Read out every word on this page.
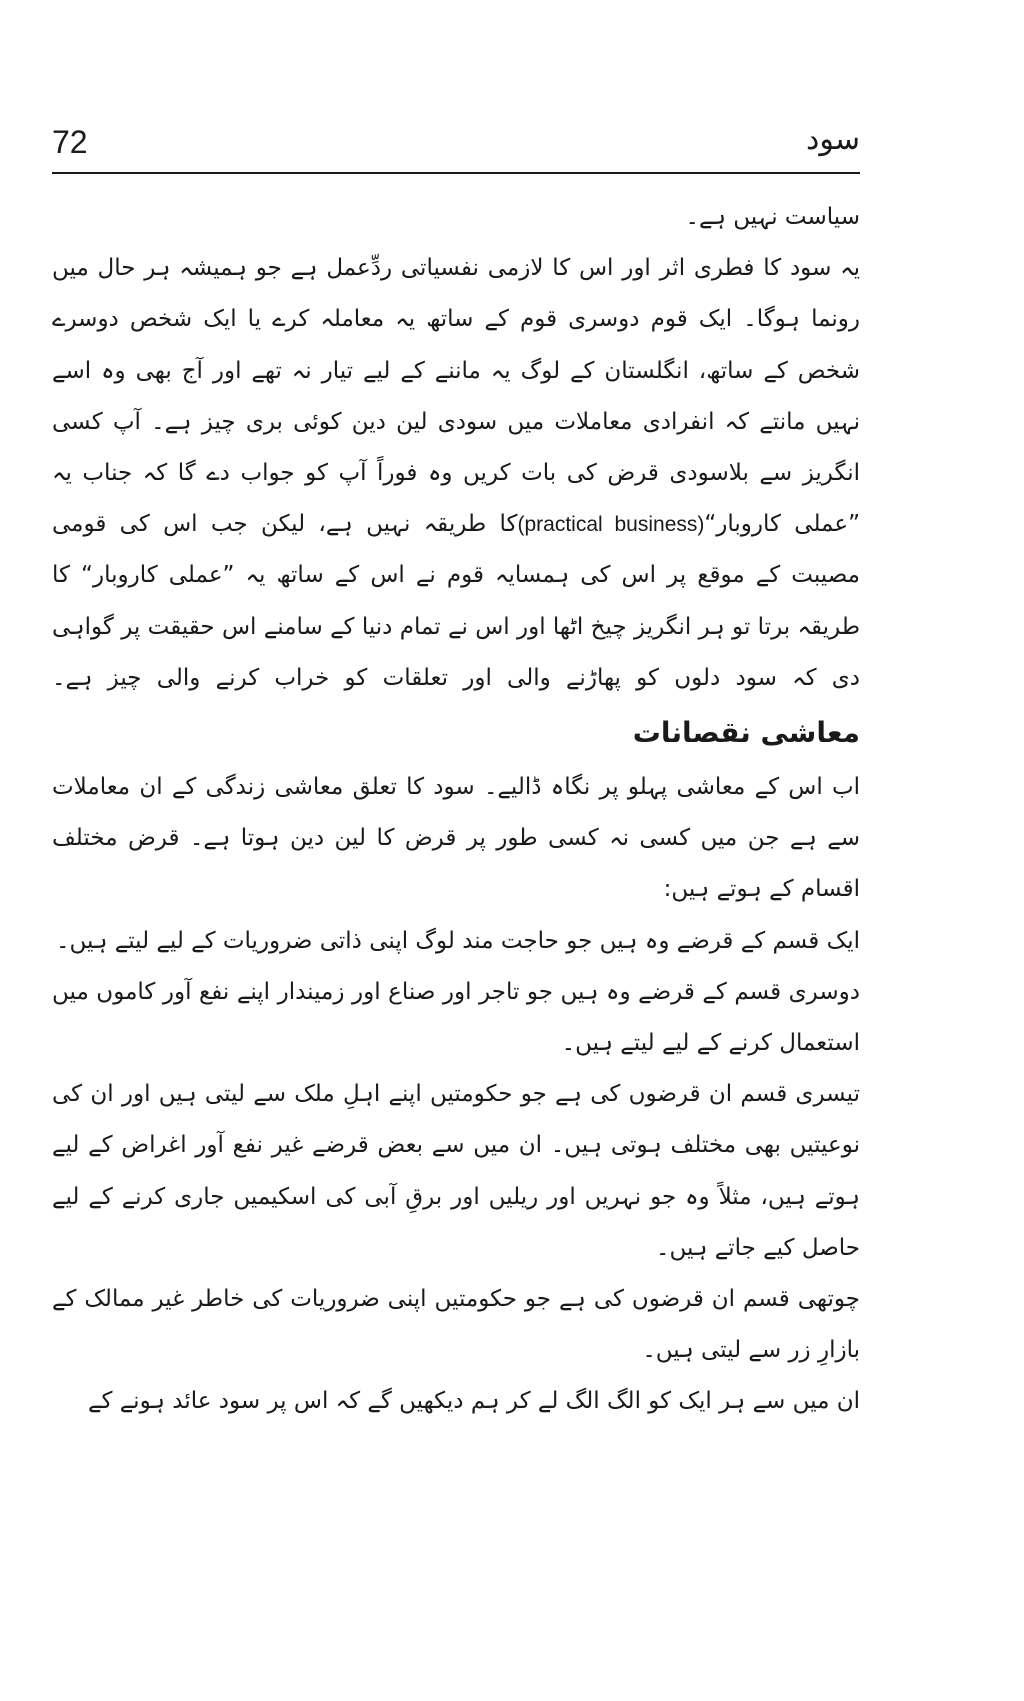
72	سود

سیاست نہیں ہے۔

یہ سود کا فطری اثر اور اس کا لازمی نفسیاتی ردِّعمل ہے جو ہمیشہ ہر حال میں رونما ہوگا۔ ایک قوم دوسری قوم کے ساتھ یہ معاملہ کرے یا ایک شخص دوسرے شخص کے ساتھ، انگلستان کے لوگ یہ ماننے کے لیے تیار نہ تھے اور آج بھی وہ اسے نہیں مانتے کہ انفرادی معاملات میں سودی لین دین کوئی بری چیز ہے۔ آپ کسی انگریز سے بلاسودی قرض کی بات کریں وہ فوراً آپ کو جواب دے گا کہ جناب یہ ”عملی کاروبار“(practical business)کا طریقہ نہیں ہے، لیکن جب اس کی قومی مصیبت کے موقع پر اس کی ہمسایہ قوم نے اس کے ساتھ یہ ”عملی کاروبار“ کا طریقہ برتا تو ہر انگریز چیخ اٹھا اور اس نے تمام دنیا کے سامنے اس حقیقت پر گواہی دی کہ سود دلوں کو پھاڑنے والی اور تعلقات کو خراب کرنے والی چیز ہے۔

معاشی نقصانات

اب اس کے معاشی پہلو پر نگاہ ڈالیے۔ سود کا تعلق معاشی زندگی کے ان معاملات سے ہے جن میں کسی نہ کسی طور پر قرض کا لین دین ہوتا ہے۔ قرض مختلف اقسام کے ہوتے ہیں:

ایک قسم کے قرضے وہ ہیں جو حاجت مند لوگ اپنی ذاتی ضروریات کے لیے لیتے ہیں۔

دوسری قسم کے قرضے وہ ہیں جو تاجر اور صناع اور زمیندار اپنے نفع آور کاموں میں استعمال کرنے کے لیے لیتے ہیں۔

تیسری قسم ان قرضوں کی ہے جو حکومتیں اپنے اہلِ ملک سے لیتی ہیں اور ان کی نوعیتیں بھی مختلف ہوتی ہیں۔ ان میں سے بعض قرضے غیر نفع آور اغراض کے لیے ہوتے ہیں، مثلاً وہ جو نہریں اور ریلیں اور برقِ آبی کی اسکیمیں جاری کرنے کے لیے حاصل کیے جاتے ہیں۔

چوتھی قسم ان قرضوں کی ہے جو حکومتیں اپنی ضروریات کی خاطر غیر ممالک کے بازارِ زر سے لیتی ہیں۔

ان میں سے ہر ایک کو الگ الگ لے کر ہم دیکھیں گے کہ اس پر سود عائد ہونے کے
